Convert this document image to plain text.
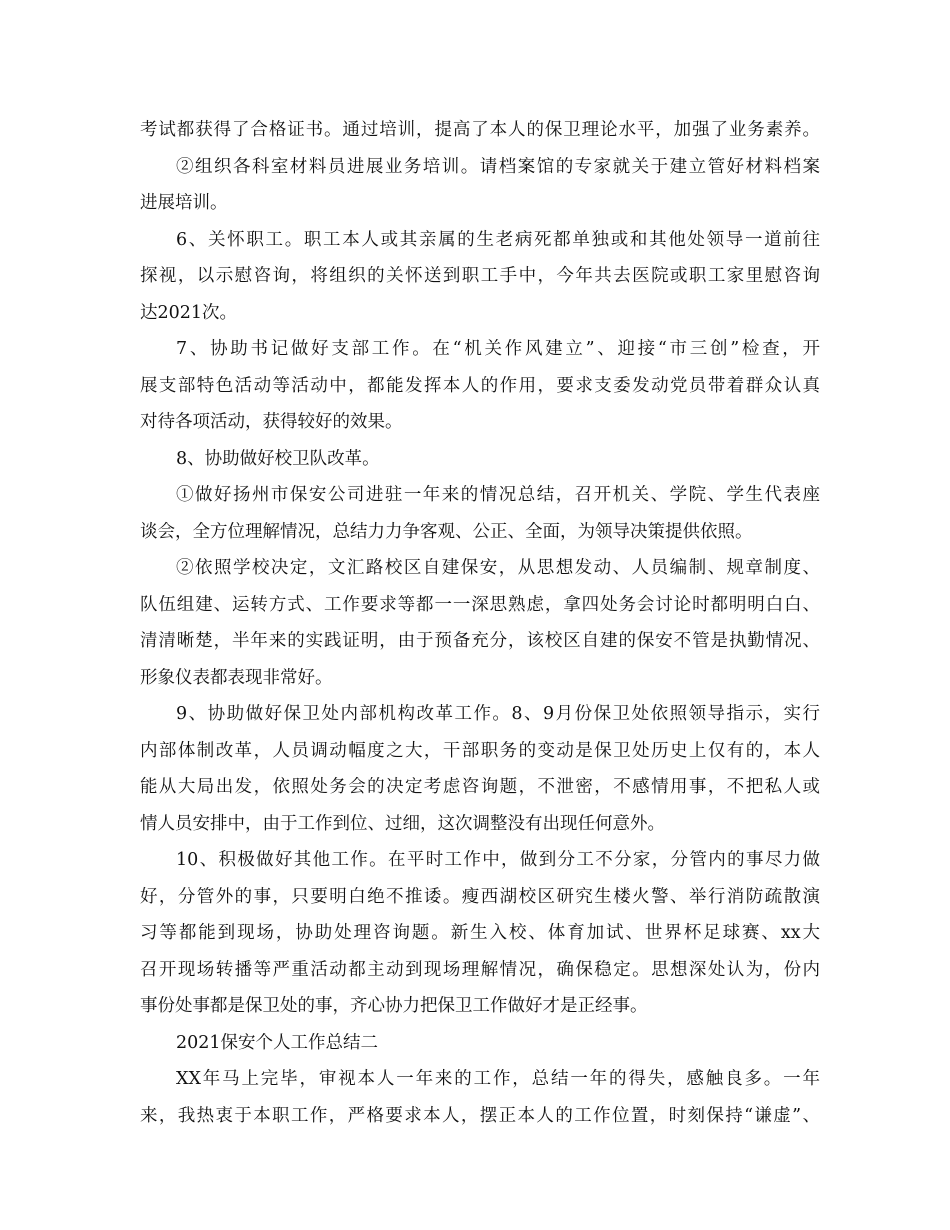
考试都获得了合格证书。通过培训，提高了本人的保卫理论水平，加强了业务素养。
②组织各科室材料员进展业务培训。请档案馆的专家就关于建立管好材料档案
进展培训。
6、关怀职工。职工本人或其亲属的生老病死都单独或和其他处领导一道前往
探视，以示慰咨询，将组织的关怀送到职工手中，今年共去医院或职工家里慰咨询
达2021次。
7、协助书记做好支部工作。在“机关作风建立”、迎接“市三创”检查，开
展支部特色活动等活动中，都能发挥本人的作用，要求支委发动党员带着群众认真
对待各项活动，获得较好的效果。
8、协助做好校卫队改革。
①做好扬州市保安公司进驻一年来的情况总结，召开机关、学院、学生代表座
谈会，全方位理解情况，总结力力争客观、公正、全面，为领导决策提供依照。
②依照学校决定，文汇路校区自建保安，从思想发动、人员编制、规章制度、
队伍组建、运转方式、工作要求等都一一深思熟虑，拿四处务会讨论时都明明白白、
清清晰楚，半年来的实践证明，由于预备充分，该校区自建的保安不管是执勤情况、
形象仪表都表现非常好。
9、协助做好保卫处内部机构改革工作。8、9月份保卫处依照领导指示，实行
内部体制改革，人员调动幅度之大，干部职务的变动是保卫处历史上仅有的，本人
能从大局出发，依照处务会的决定考虑咨询题，不泄密，不感情用事，不把私人或
情人员安排中，由于工作到位、过细，这次调整没有出现任何意外。
10、积极做好其他工作。在平时工作中，做到分工不分家，分管内的事尽力做
好，分管外的事，只要明白绝不推诿。瘦西湖校区研究生楼火警、举行消防疏散演
习等都能到现场，协助处理咨询题。新生入校、体育加试、世界杯足球赛、xx大
召开现场转播等严重活动都主动到现场理解情况，确保稳定。思想深处认为，份内
事份处事都是保卫处的事，齐心协力把保卫工作做好才是正经事。
2021保安个人工作总结二
XX年马上完毕，审视本人一年来的工作，总结一年的得失，感触良多。一年
来，我热衷于本职工作，严格要求本人，摆正本人的工作位置，时刻保持“谦虚”、
